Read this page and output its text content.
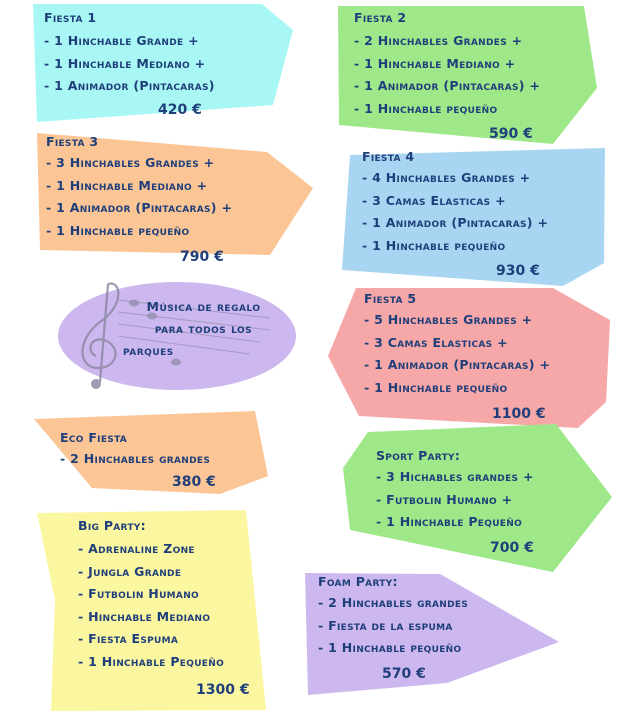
Música de regalo
para todos los
parques
Fiesta 1
- 1 Hinchable Grande +
- 1 Hinchable Mediano +
- 1 Animador (Pintacaras)
420 €
Fiesta 2
- 2 Hinchables Grandes +
- 1 Hinchable Mediano +
- 1 Animador (Pintacaras) +
- 1 Hinchable pequeño
590 €
Fiesta 3
- 3 Hinchables Grandes +
- 1 Hinchable Mediano +
- 1 Animador (Pintacaras) +
- 1 Hinchable pequeño
790 €
Fiesta 4
- 4 Hinchables Grandes +
- 3 Camas Elasticas +
- 1 Animador (Pintacaras) +
- 1 Hinchable pequeño
930 €
Fiesta 5
- 5 Hinchables Grandes +
- 3 Camas Elasticas +
- 1 Animador (Pintacaras) +
- 1 Hinchable pequeño
1100 €
Eco Fiesta
- 2 Hinchables grandes
380 €
Sport Party:
- 3 Hichables grandes +
- Futbolin Humano +
- 1 Hinchable Pequeño
700 €
Big Party:
- Adrenaline Zone
- Jungla Grande
- Futbolin Humano
- Hinchable Mediano
- Fiesta Espuma
- 1 Hinchable Pequeño
1300 €
Foam Party:
- 2 Hinchables grandes
- Fiesta de la espuma
- 1 Hinchable pequeño
570 €
